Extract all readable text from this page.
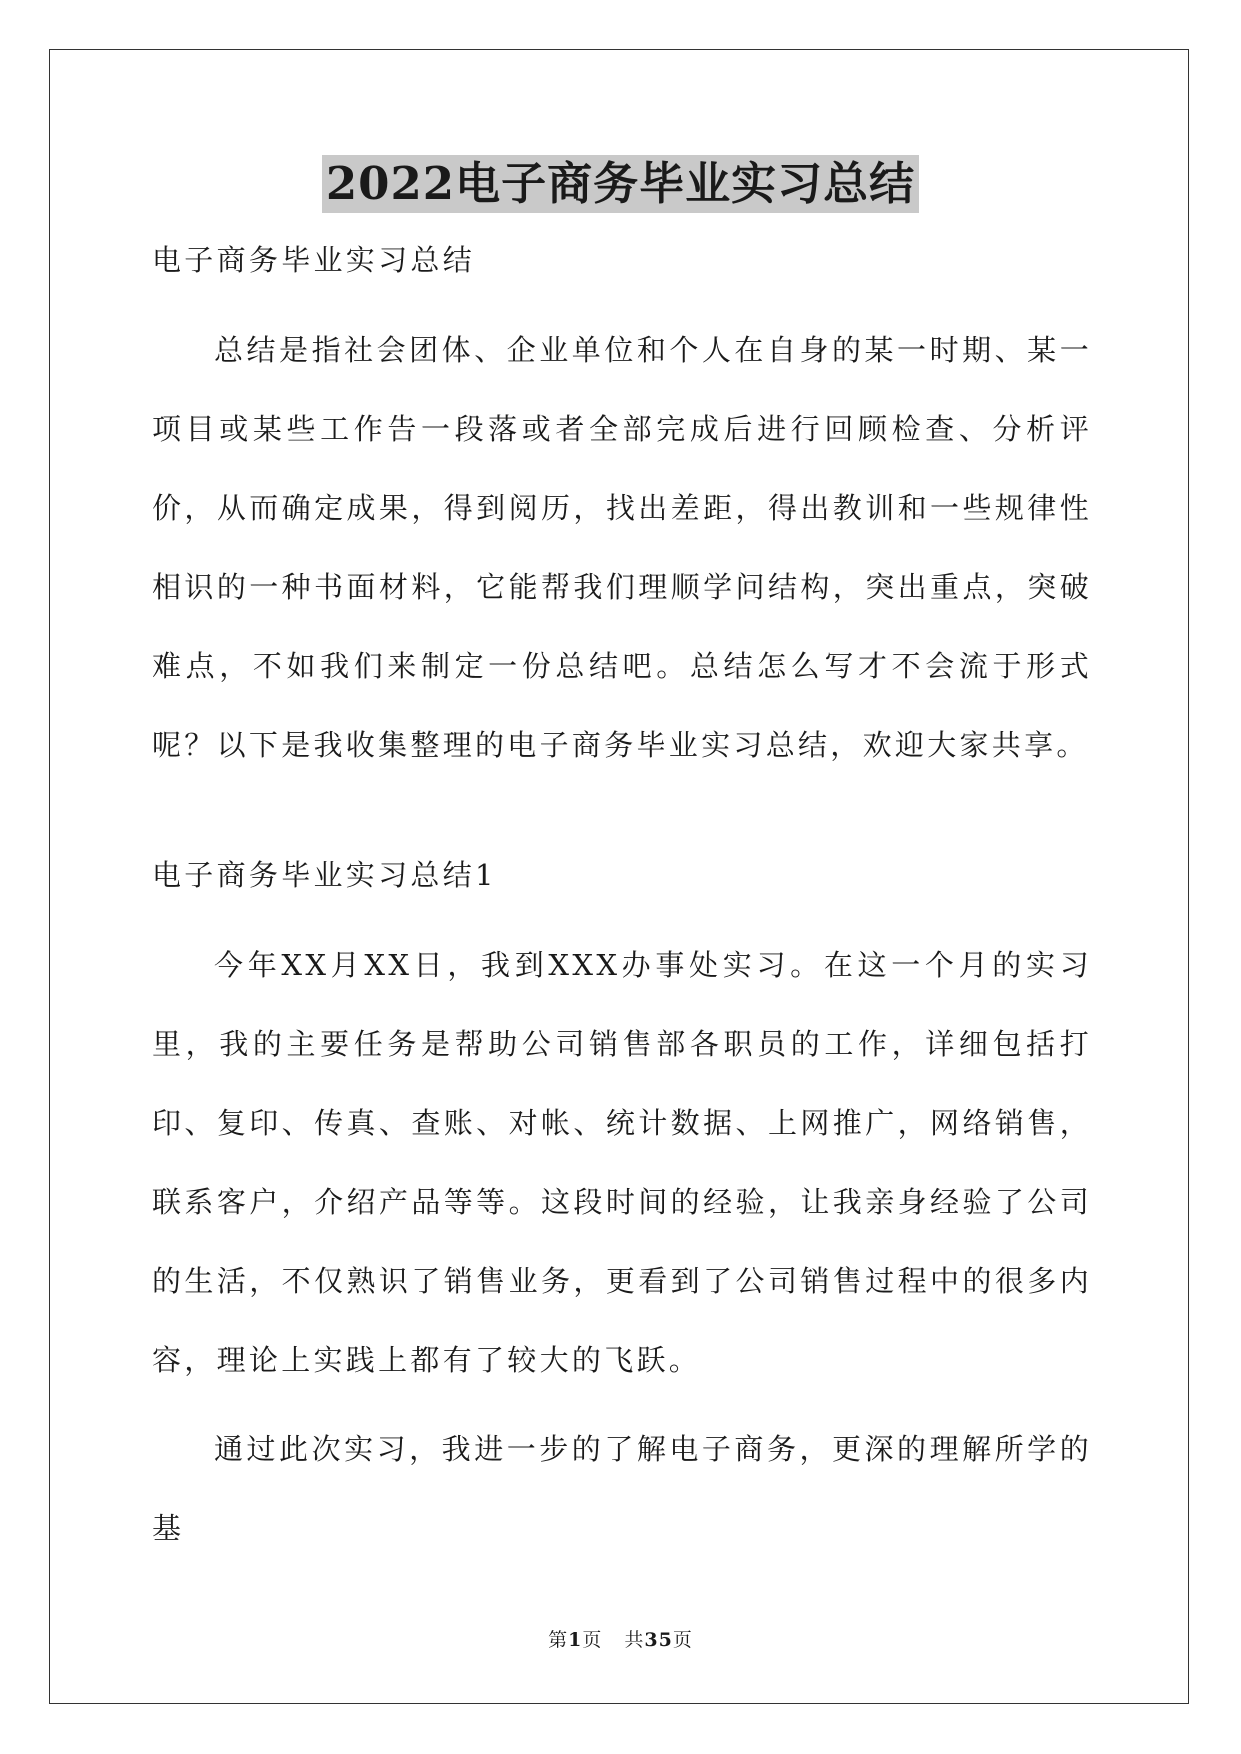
2022电子商务毕业实习总结

电子商务毕业实习总结

总结是指社会团体、企业单位和个人在自身的某一时期、某一项目或某些工作告一段落或者全部完成后进行回顾检查、分析评价，从而确定成果，得到阅历，找出差距，得出教训和一些规律性相识的一种书面材料，它能帮我们理顺学问结构，突出重点，突破难点，不如我们来制定一份总结吧。总结怎么写才不会流于形式呢？以下是我收集整理的电子商务毕业实习总结，欢迎大家共享。

电子商务毕业实习总结1

今年XX月XX日，我到XXX办事处实习。在这一个月的实习里，我的主要任务是帮助公司销售部各职员的工作，详细包括打印、复印、传真、查账、对帐、统计数据、上网推广，网络销售，联系客户，介绍产品等等。这段时间的经验，让我亲身经验了公司的生活，不仅熟识了销售业务，更看到了公司销售过程中的很多内容，理论上实践上都有了较大的飞跃。

通过此次实习，我进一步的了解电子商务，更深的理解所学的基

第1页 共35页
